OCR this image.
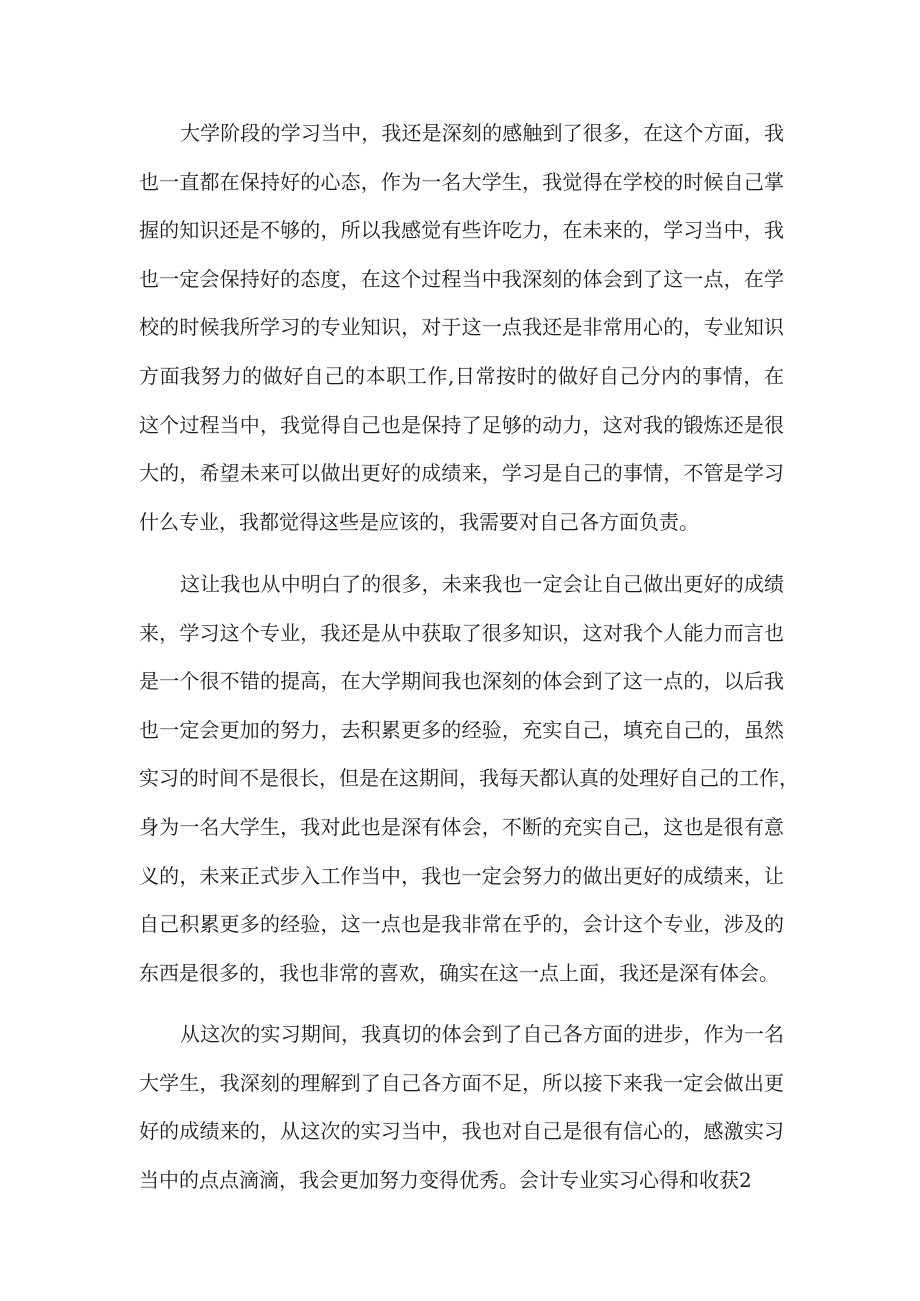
大学阶段的学习当中，我还是深刻的感触到了很多，在这个方面，我
也一直都在保持好的心态，作为一名大学生，我觉得在学校的时候自己掌
握的知识还是不够的，所以我感觉有些许吃力，在未来的，学习当中，我
也一定会保持好的态度，在这个过程当中我深刻的体会到了这一点，在学
校的时候我所学习的专业知识，对于这一点我还是非常用心的，专业知识
方面我努力的做好自己的本职工作,日常按时的做好自己分内的事情，在
这个过程当中，我觉得自己也是保持了足够的动力，这对我的锻炼还是很
大的，希望未来可以做出更好的成绩来，学习是自己的事情，不管是学习
什么专业，我都觉得这些是应该的，我需要对自己各方面负责。

这让我也从中明白了的很多，未来我也一定会让自己做出更好的成绩
来，学习这个专业，我还是从中获取了很多知识，这对我个人能力而言也
是一个很不错的提高，在大学期间我也深刻的体会到了这一点的，以后我
也一定会更加的努力，去积累更多的经验，充实自己，填充自己的，虽然
实习的时间不是很长，但是在这期间，我每天都认真的处理好自己的工作，
身为一名大学生，我对此也是深有体会，不断的充实自己，这也是很有意
义的，未来正式步入工作当中，我也一定会努力的做出更好的成绩来，让
自己积累更多的经验，这一点也是我非常在乎的，会计这个专业，涉及的
东西是很多的，我也非常的喜欢，确实在这一点上面，我还是深有体会。

从这次的实习期间，我真切的体会到了自己各方面的进步，作为一名
大学生，我深刻的理解到了自己各方面不足，所以接下来我一定会做出更
好的成绩来的，从这次的实习当中，我也对自己是很有信心的，感激实习
当中的点点滴滴，我会更加努力变得优秀。会计专业实习心得和收获2
